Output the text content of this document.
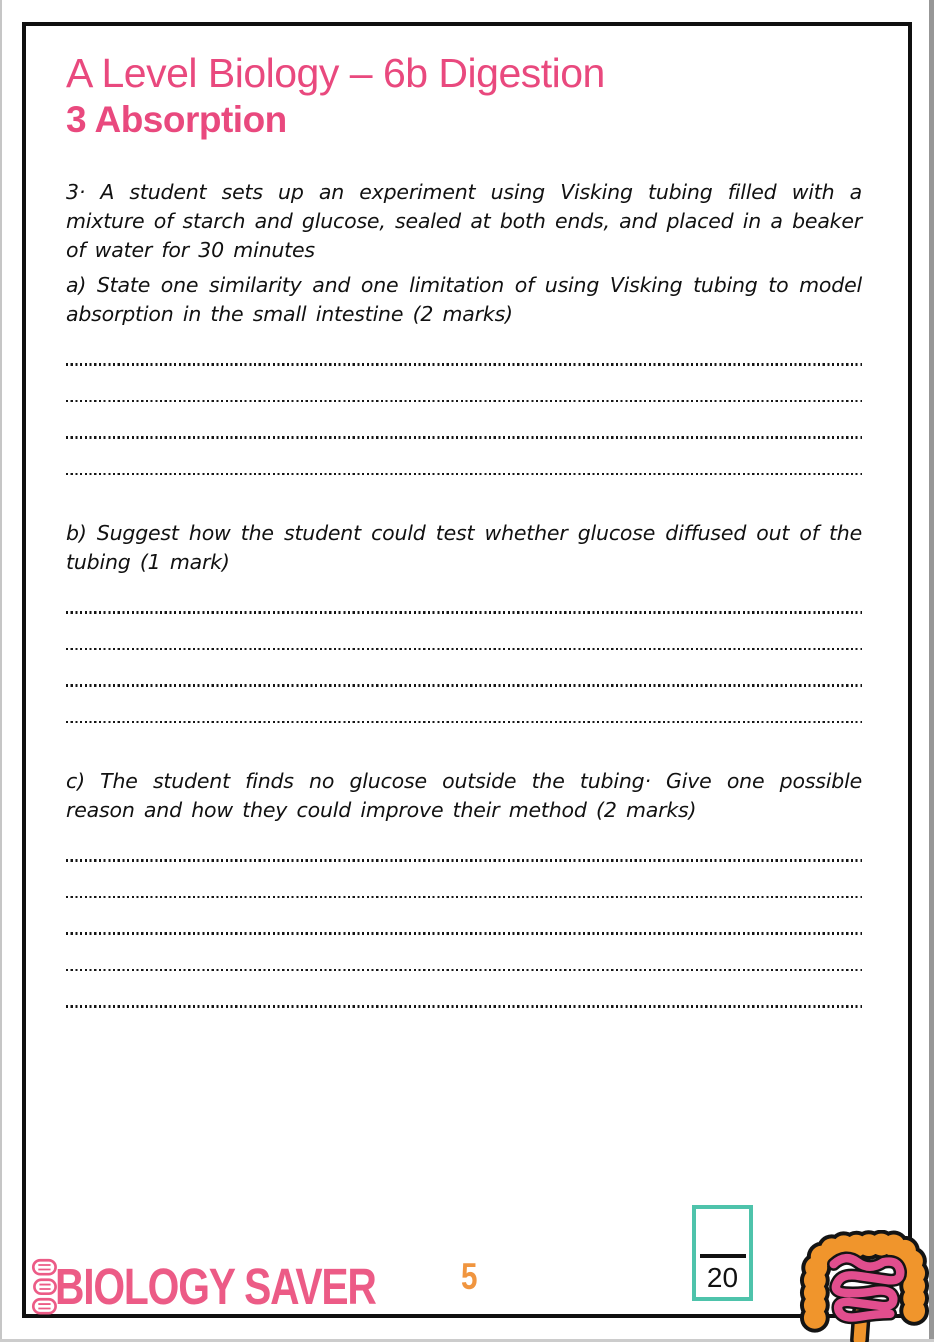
A Level Biology – 6b Digestion
3 Absorption

3· A student sets up an experiment using Visking tubing filled with a mixture of starch and glucose, sealed at both ends, and placed in a beaker of water for 30 minutes

a) State one similarity and one limitation of using Visking tubing to model absorption in the small intestine (2 marks)

b) Suggest how the student could test whether glucose diffused out of the tubing (1 mark)

c) The student finds no glucose outside the tubing· Give one possible reason and how they could improve their method (2 marks)

BIOLOGY SAVER 5	20
